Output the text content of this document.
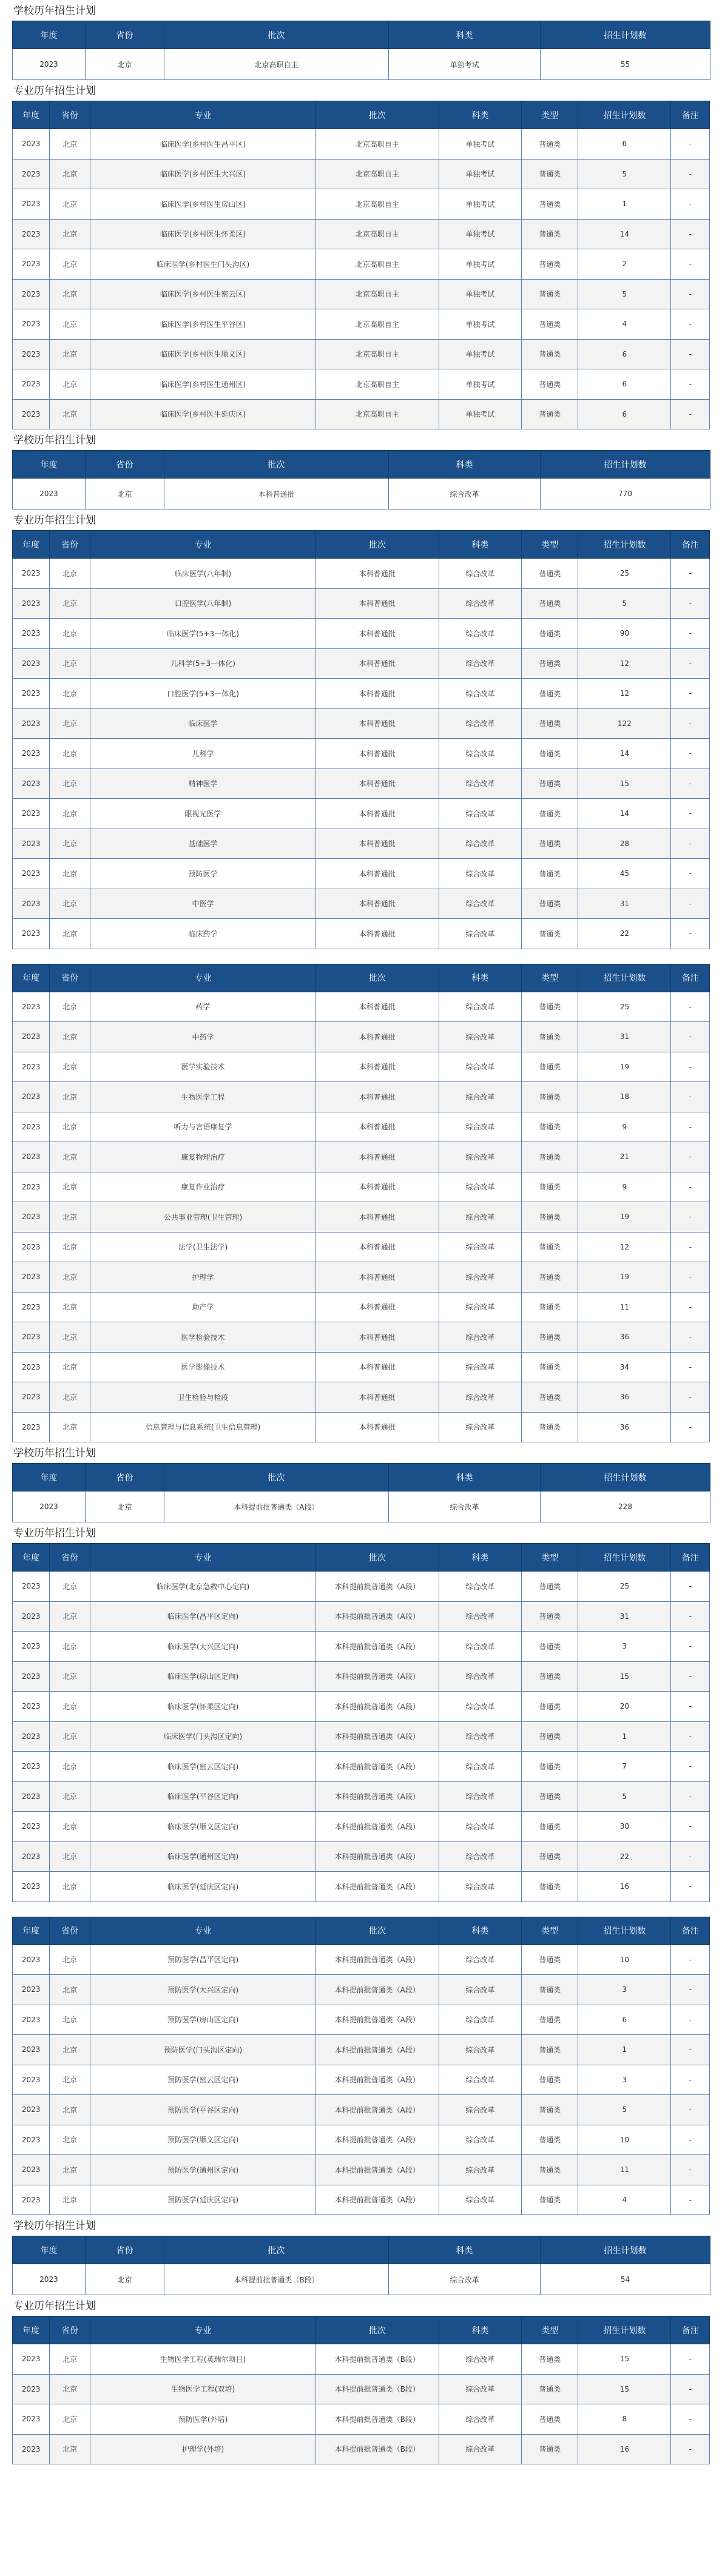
学校历年招生计划
年度	省份	批次	科类	招生计划数
2023	北京	北京高职自主	单独考试	55
专业历年招生计划
年度	省份	专业	批次	科类	类型	招生计划数	备注
2023	北京	临床医学(乡村医生昌平区)	北京高职自主	单独考试	普通类	6	-
2023	北京	临床医学(乡村医生大兴区)	北京高职自主	单独考试	普通类	5	-
2023	北京	临床医学(乡村医生房山区)	北京高职自主	单独考试	普通类	1	-
2023	北京	临床医学(乡村医生怀柔区)	北京高职自主	单独考试	普通类	14	-
2023	北京	临床医学(乡村医生门头沟区)	北京高职自主	单独考试	普通类	2	-
2023	北京	临床医学(乡村医生密云区)	北京高职自主	单独考试	普通类	5	-
2023	北京	临床医学(乡村医生平谷区)	北京高职自主	单独考试	普通类	4	-
2023	北京	临床医学(乡村医生顺义区)	北京高职自主	单独考试	普通类	6	-
2023	北京	临床医学(乡村医生通州区)	北京高职自主	单独考试	普通类	6	-
2023	北京	临床医学(乡村医生延庆区)	北京高职自主	单独考试	普通类	6	-
学校历年招生计划
年度	省份	批次	科类	招生计划数
2023	北京	本科普通批	综合改革	770
专业历年招生计划
年度	省份	专业	批次	科类	类型	招生计划数	备注
2023	北京	临床医学(八年制)	本科普通批	综合改革	普通类	25	-
2023	北京	口腔医学(八年制)	本科普通批	综合改革	普通类	5	-
2023	北京	临床医学(5+3一体化)	本科普通批	综合改革	普通类	90	-
2023	北京	儿科学(5+3一体化)	本科普通批	综合改革	普通类	12	-
2023	北京	口腔医学(5+3一体化)	本科普通批	综合改革	普通类	12	-
2023	北京	临床医学	本科普通批	综合改革	普通类	122	-
2023	北京	儿科学	本科普通批	综合改革	普通类	14	-
2023	北京	精神医学	本科普通批	综合改革	普通类	15	-
2023	北京	眼视光医学	本科普通批	综合改革	普通类	14	-
2023	北京	基础医学	本科普通批	综合改革	普通类	28	-
2023	北京	预防医学	本科普通批	综合改革	普通类	45	-
2023	北京	中医学	本科普通批	综合改革	普通类	31	-
2023	北京	临床药学	本科普通批	综合改革	普通类	22	-
年度	省份	专业	批次	科类	类型	招生计划数	备注
2023	北京	药学	本科普通批	综合改革	普通类	25	-
2023	北京	中药学	本科普通批	综合改革	普通类	31	-
2023	北京	医学实验技术	本科普通批	综合改革	普通类	19	-
2023	北京	生物医学工程	本科普通批	综合改革	普通类	18	-
2023	北京	听力与言语康复学	本科普通批	综合改革	普通类	9	-
2023	北京	康复物理治疗	本科普通批	综合改革	普通类	21	-
2023	北京	康复作业治疗	本科普通批	综合改革	普通类	9	-
2023	北京	公共事业管理(卫生管理)	本科普通批	综合改革	普通类	19	-
2023	北京	法学(卫生法学)	本科普通批	综合改革	普通类	12	-
2023	北京	护理学	本科普通批	综合改革	普通类	19	-
2023	北京	助产学	本科普通批	综合改革	普通类	11	-
2023	北京	医学检验技术	本科普通批	综合改革	普通类	36	-
2023	北京	医学影像技术	本科普通批	综合改革	普通类	34	-
2023	北京	卫生检验与检疫	本科普通批	综合改革	普通类	36	-
2023	北京	信息管理与信息系统(卫生信息管理)	本科普通批	综合改革	普通类	36	-
学校历年招生计划
年度	省份	批次	科类	招生计划数
2023	北京	本科提前批普通类（A段）	综合改革	228
专业历年招生计划
年度	省份	专业	批次	科类	类型	招生计划数	备注
2023	北京	临床医学(北京急救中心定向)	本科提前批普通类（A段）	综合改革	普通类	25	-
2023	北京	临床医学(昌平区定向)	本科提前批普通类（A段）	综合改革	普通类	31	-
2023	北京	临床医学(大兴区定向)	本科提前批普通类（A段）	综合改革	普通类	3	-
2023	北京	临床医学(房山区定向)	本科提前批普通类（A段）	综合改革	普通类	15	-
2023	北京	临床医学(怀柔区定向)	本科提前批普通类（A段）	综合改革	普通类	20	-
2023	北京	临床医学(门头沟区定向)	本科提前批普通类（A段）	综合改革	普通类	1	-
2023	北京	临床医学(密云区定向)	本科提前批普通类（A段）	综合改革	普通类	7	-
2023	北京	临床医学(平谷区定向)	本科提前批普通类（A段）	综合改革	普通类	5	-
2023	北京	临床医学(顺义区定向)	本科提前批普通类（A段）	综合改革	普通类	30	-
2023	北京	临床医学(通州区定向)	本科提前批普通类（A段）	综合改革	普通类	22	-
2023	北京	临床医学(延庆区定向)	本科提前批普通类（A段）	综合改革	普通类	16	-
年度	省份	专业	批次	科类	类型	招生计划数	备注
2023	北京	预防医学(昌平区定向)	本科提前批普通类（A段）	综合改革	普通类	10	-
2023	北京	预防医学(大兴区定向)	本科提前批普通类（A段）	综合改革	普通类	3	-
2023	北京	预防医学(房山区定向)	本科提前批普通类（A段）	综合改革	普通类	6	-
2023	北京	预防医学(门头沟区定向)	本科提前批普通类（A段）	综合改革	普通类	1	-
2023	北京	预防医学(密云区定向)	本科提前批普通类（A段）	综合改革	普通类	3	-
2023	北京	预防医学(平谷区定向)	本科提前批普通类（A段）	综合改革	普通类	5	-
2023	北京	预防医学(顺义区定向)	本科提前批普通类（A段）	综合改革	普通类	10	-
2023	北京	预防医学(通州区定向)	本科提前批普通类（A段）	综合改革	普通类	11	-
2023	北京	预防医学(延庆区定向)	本科提前批普通类（A段）	综合改革	普通类	4	-
学校历年招生计划
年度	省份	批次	科类	招生计划数
2023	北京	本科提前批普通类（B段）	综合改革	54
专业历年招生计划
年度	省份	专业	批次	科类	类型	招生计划数	备注
2023	北京	生物医学工程(英瑞尔项目)	本科提前批普通类（B段）	综合改革	普通类	15	-
2023	北京	生物医学工程(双培)	本科提前批普通类（B段）	综合改革	普通类	15	-
2023	北京	预防医学(外培)	本科提前批普通类（B段）	综合改革	普通类	8	-
2023	北京	护理学(外培)	本科提前批普通类（B段）	综合改革	普通类	16	-
